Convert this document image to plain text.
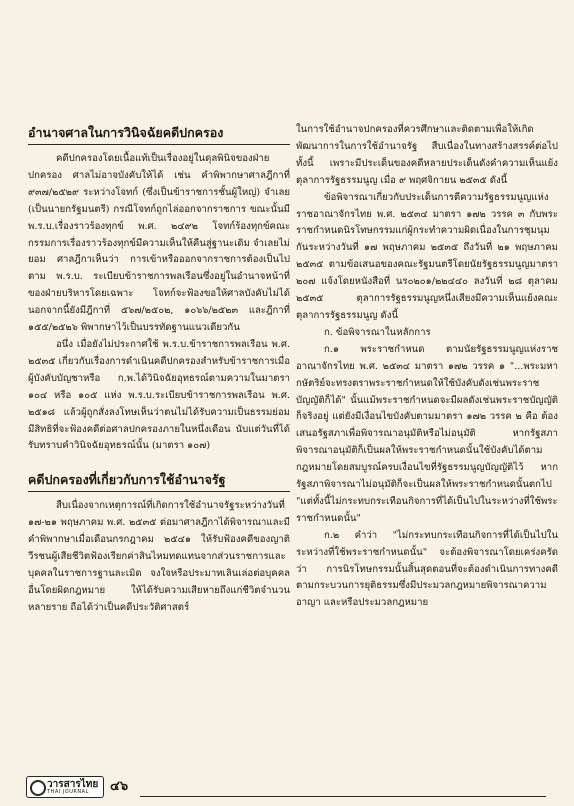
อำนาจศาลในการวินิจฉัยคดีปกครอง

คดีปกครองโดยเนื้อแท้เป็นเรื่องอยู่ในดุลพินิจของฝ่ายปกครอง ศาลไม่อาจบังคับให้ได้ เช่น คำพิพากษาศาลฎีกาที่ ๙๓๗/๒๕๒๙ ระหว่างโจทก์ (ซึ่งเป็นข้าราชการชั้นผู้ใหญ่) จำเลย (เป็นนายกรัฐมนตรี) กรณีโจทก์ถูกไล่ออกจากราชการ ขณะนั้นมี พ.ร.บ.เรื่องราวร้องทุกข์ พ.ศ. ๒๔๙๒ โจทก์ร้องทุกข์คณะกรรมการเรื่องราวร้องทุกข์มีความเห็นให้คืนสู่ฐานะเดิม จำเลยไม่ยอม ศาลฎีกาเห็นว่า การเข้าหรือออกจากราชการต้องเป็นไปตาม พ.ร.บ. ระเบียบข้าราชการพลเรือนซึ่งอยู่ในอำนาจหน้าที่ของฝ่ายบริหารโดยเฉพาะ โจทก์จะฟ้องขอให้ศาลบังคับไม่ได้ นอกจากนี้ยังมีฎีกาที่ ๕๖๗/๒๕๐๒, ๑๐๖๖/๒๕๒๓ และฎีกาที่ ๑๕๕/๒๕๒๖ พิพากษาไว้เป็นบรรทัดฐานแนวเดียวกัน

อนึ่ง เมื่อยังไม่ประกาศใช้ พ.ร.บ.ข้าราชการพลเรือน พ.ศ. ๒๕๓๕ เกี่ยวกับเรื่องการดำเนินคดีปกครองสำหรับข้าราชการเมื่อผู้บังคับบัญชาหรือ ก.พ.ได้วินิจฉัยอุทธรณ์ตามความในมาตรา ๑๐๔ หรือ ๑๐๕ แห่ง พ.ร.บ.ระเบียบข้าราชการพลเรือน พ.ศ. ๒๕๑๘ แล้วผู้ถูกสั่งลงโทษเห็นว่าตนไม่ได้รับความเป็นธรรมย่อมมีสิทธิที่จะฟ้องคดีต่อศาลปกครองภายในหนึ่งเดือน นับแต่วันที่ได้รับทราบคำวินิจฉัยอุทธรณ์นั้น (มาตรา ๑๐๗)

คดีปกครองที่เกี่ยวกับการใช้อำนาจรัฐ

สืบเนื่องจากเหตุการณ์ที่เกิดการใช้อำนาจรัฐระหว่างวันที่ ๑๗-๒๑ พฤษภาคม พ.ศ. ๒๕๓๕ ต่อมาศาลฎีกาได้พิจารณาและมีคำพิพากษาเมื่อเดือนกรกฎาคม ๒๕๔๑ ให้รับฟ้องคดีของญาติวีรชนผู้เสียชีวิตฟ้องเรียกค่าสินไหมทดแทนจากส่วนราชการและบุคคลในราชการฐานละเมิด จงใจหรือประมาทเลินเล่อต่อบุคคลอื่นโดยผิดกฎหมาย ให้ได้รับความเสียหายถึงแก่ชีวิตจำนวนหลายราย ถือได้ว่าเป็นคดีประวัติศาสตร์

ในการใช้อำนาจปกครองที่ควรศึกษาและติดตามเพื่อให้เกิดพัฒนาการในการใช้อำนาจรัฐ สืบเนื่องในทางสร้างสรรค์ต่อไป ทั้งนี้ เพราะมีประเด็นของคดีหลายประเด็นดังคำความเห็นแย้งตุลาการรัฐธรรมนูญ เมื่อ ๙ พฤศจิกายน ๒๕๓๕ ดังนี้

ข้อพิจารณาเกี่ยวกับประเด็นการตีความรัฐธรรมนูญแห่งราชอาณาจักรไทย พ.ศ. ๒๕๓๔ มาตรา ๑๗๒ วรรค ๓ กับพระราชกำหนดนิรโทษกรรมแก่ผู้กระทำความผิดเนื่องในการชุมนุมกันระหว่างวันที่ ๑๗ พฤษภาคม ๒๕๓๕ ถึงวันที่ ๒๑ พฤษภาคม ๒๕๓๕ ตามข้อเสนอของคณะรัฐมนตรีโดยนัยรัฐธรรมนูญมาตรา ๒๐๗ แจ้งโดยหนังสือที่ นร๐๒๐๑/๒๒๔๔๐ ลงวันที่ ๒๘ ตุลาคม ๒๕๓๕ ตุลาการรัฐธรรมนูญหนึ่งเสียงมีความเห็นแย้งคณะตุลาการรัฐธรรมนูญ ดังนี้

ก. ข้อพิจารณาในหลักการ

ก.๑ พระราชกำหนด ตามนัยรัฐธรรมนูญแห่งราชอาณาจักรไทย พ.ศ. ๒๕๓๔ มาตรา ๑๗๒ วรรค ๑ "...พระมหากษัตริย์จะทรงตราพระราชกำหนดให้ใช้บังคับดังเช่นพระราชบัญญัติก็ได้" นั้นแม้พระราชกำหนดจะมีผลดังเช่นพระราชบัญญัติก็จริงอยู่ แต่ยังมีเงื่อนไขบังคับตามมาตรา ๑๗๒ วรรค ๒ คือ ต้องเสนอรัฐสภาเพื่อพิจารณาอนุมัติหรือไม่อนุมัติ หากรัฐสภาพิจารณาอนุมัติก็เป็นผลให้พระราชกำหนดนั้นใช้บังคับได้ตามกฎหมายโดยสมบูรณ์ครบเงื่อนไขที่รัฐธรรมนูญบัญญัติไว้ หากรัฐสภาพิจารณาไม่อนุมัติก็จะเป็นผลให้พระราชกำหนดนั้นตกไป "แต่ทั้งนี้ไม่กระทบกระเทือนกิจการที่ได้เป็นไปในระหว่างที่ใช้พระราชกำหนดนั้น"

ก.๒ คำว่า "ไม่กระทบกระเทือนกิจการที่ได้เป็นไปในระหว่างที่ใช้พระราชกำหนดนั้น" จะต้องพิจารณาโดยเคร่งครัดว่า การนิรโทษกรรมนั้นสิ้นสุดตอนที่จะต้องดำเนินการทางคดีตามกระบวนการยุติธรรมซึ่งมีประมวลกฎหมายพิจารณาความอาญา และหรือประมวลกฎหมาย

วารสารไทย
THAI JOURNAL ๔๖
